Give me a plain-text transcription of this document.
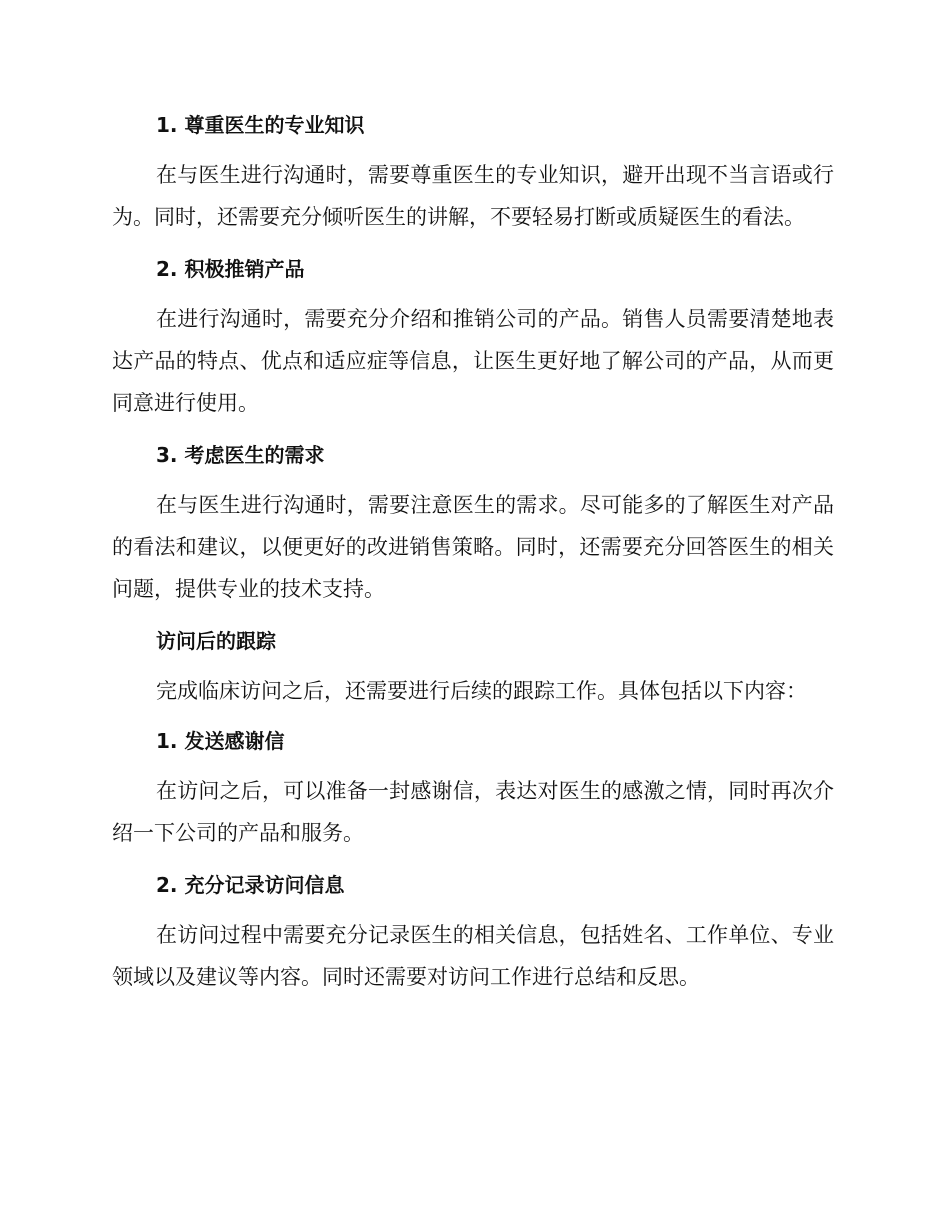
1. 尊重医生的专业知识

在与医生进行沟通时，需要尊重医生的专业知识，避开出现不当言语或行为。同时，还需要充分倾听医生的讲解，不要轻易打断或质疑医生的看法。

2. 积极推销产品

在进行沟通时，需要充分介绍和推销公司的产品。销售人员需要清楚地表达产品的特点、优点和适应症等信息，让医生更好地了解公司的产品，从而更同意进行使用。

3. 考虑医生的需求

在与医生进行沟通时，需要注意医生的需求。尽可能多的了解医生对产品的看法和建议，以便更好的改进销售策略。同时，还需要充分回答医生的相关问题，提供专业的技术支持。

访问后的跟踪

完成临床访问之后，还需要进行后续的跟踪工作。具体包括以下内容：

1. 发送感谢信

在访问之后，可以准备一封感谢信，表达对医生的感激之情，同时再次介绍一下公司的产品和服务。

2. 充分记录访问信息

在访问过程中需要充分记录医生的相关信息，包括姓名、工作单位、专业领域以及建议等内容。同时还需要对访问工作进行总结和反思。
